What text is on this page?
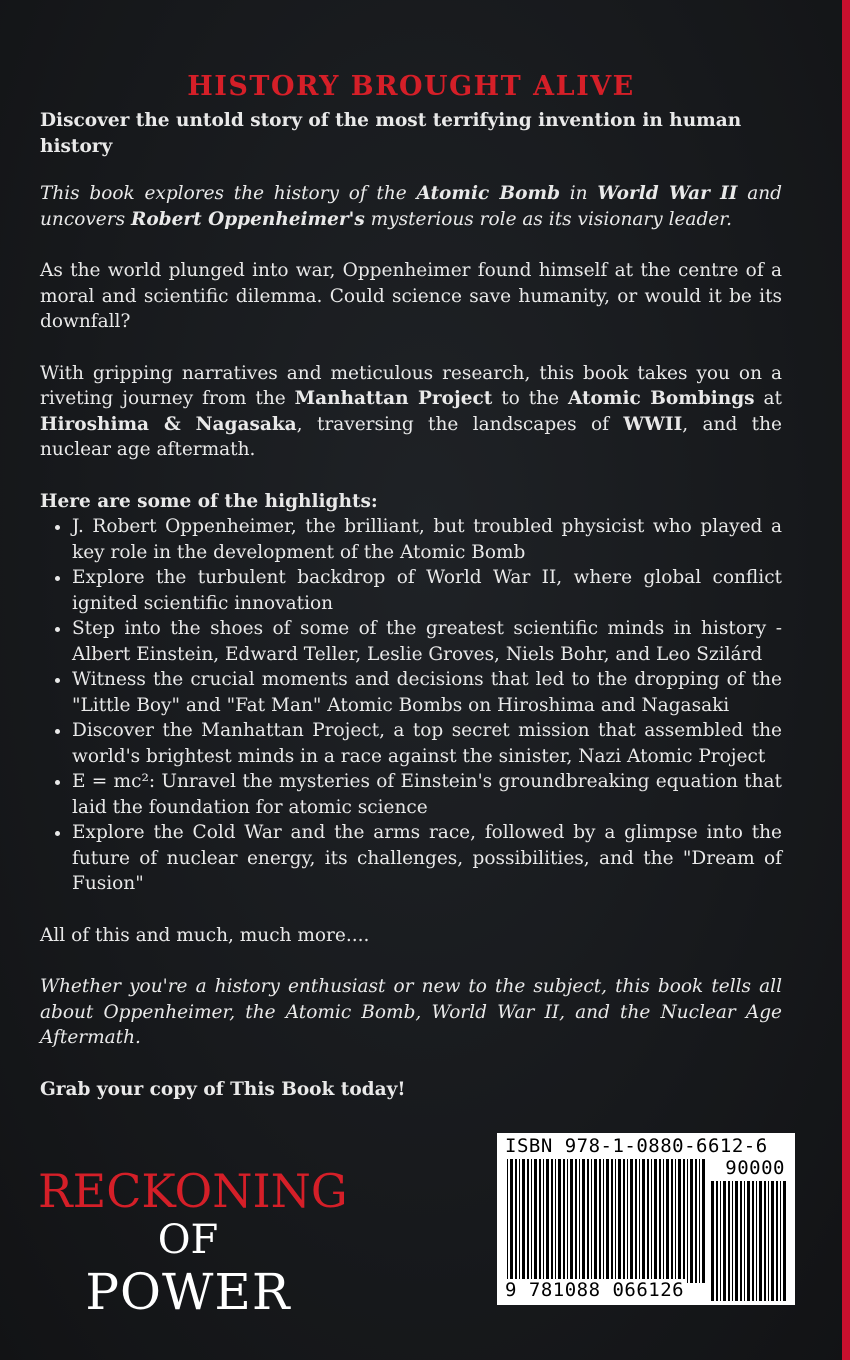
HISTORY BROUGHT ALIVE
Discover the untold story of the most terrifying invention in human history

This book explores the history of the Atomic Bomb in World War II and uncovers Robert Oppenheimer's mysterious role as its visionary leader.

As the world plunged into war, Oppenheimer found himself at the centre of a moral and scientific dilemma. Could science save humanity, or would it be its downfall?

With gripping narratives and meticulous research, this book takes you on a riveting journey from the Manhattan Project to the Atomic Bombings at Hiroshima & Nagasaka, traversing the landscapes of WWII, and the nuclear age aftermath.

Here are some of the highlights:
• J. Robert Oppenheimer, the brilliant, but troubled physicist who played a key role in the development of the Atomic Bomb
• Explore the turbulent backdrop of World War II, where global conflict ignited scientific innovation
• Step into the shoes of some of the greatest scientific minds in history - Albert Einstein, Edward Teller, Leslie Groves, Niels Bohr, and Leo Szilárd
• Witness the crucial moments and decisions that led to the dropping of the "Little Boy" and "Fat Man" Atomic Bombs on Hiroshima and Nagasaki
• Discover the Manhattan Project, a top secret mission that assembled the world's brightest minds in a race against the sinister, Nazi Atomic Project
• E = mc²: Unravel the mysteries of Einstein's groundbreaking equation that laid the foundation for atomic science
• Explore the Cold War and the arms race, followed by a glimpse into the future of nuclear energy, its challenges, possibilities, and the "Dream of Fusion"

All of this and much, much more....

Whether you're a history enthusiast or new to the subject, this book tells all about Oppenheimer, the Atomic Bomb, World War II, and the Nuclear Age Aftermath.

Grab your copy of This Book today!

RECKONING
OF
POWER
ISBN 978-1-0880-6612-6
90000
9 781088 066126
